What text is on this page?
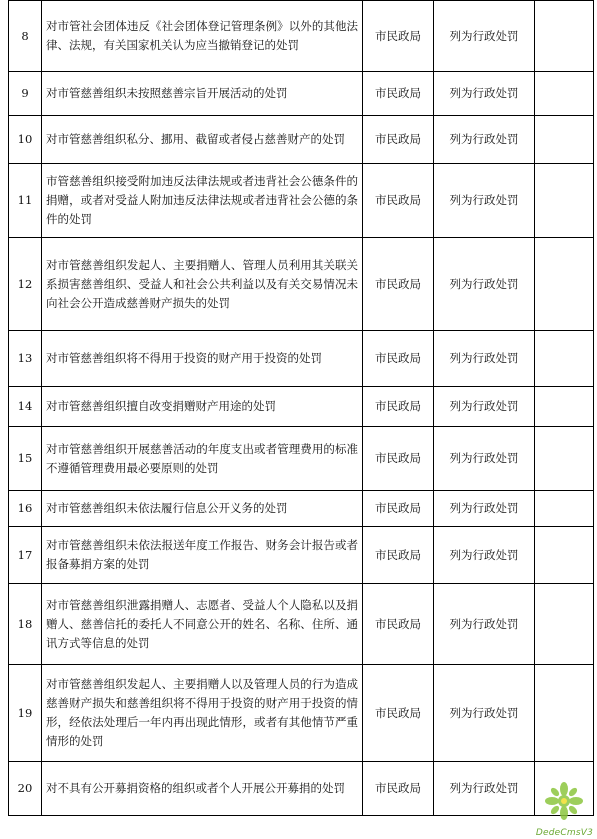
8	对市管社会团体违反《社会团体登记管理条例》以外的其他法律、法规，有关国家机关认为应当撤销登记的处罚	市民政局	列为行政处罚	
9	对市管慈善组织未按照慈善宗旨开展活动的处罚	市民政局	列为行政处罚	
10	对市管慈善组织私分、挪用、截留或者侵占慈善财产的处罚	市民政局	列为行政处罚	
11	市管慈善组织接受附加违反法律法规或者违背社会公德条件的捐赠，或者对受益人附加违反法律法规或者违背社会公德的条件的处罚	市民政局	列为行政处罚	
12	对市管慈善组织发起人、主要捐赠人、管理人员利用其关联关系损害慈善组织、受益人和社会公共利益以及有关交易情况未向社会公开造成慈善财产损失的处罚	市民政局	列为行政处罚	
13	对市管慈善组织将不得用于投资的财产用于投资的处罚	市民政局	列为行政处罚	
14	对市管慈善组织擅自改变捐赠财产用途的处罚	市民政局	列为行政处罚	
15	对市管慈善组织开展慈善活动的年度支出或者管理费用的标准不遵循管理费用最必要原则的处罚	市民政局	列为行政处罚	
16	对市管慈善组织未依法履行信息公开义务的处罚	市民政局	列为行政处罚	
17	对市管慈善组织未依法报送年度工作报告、财务会计报告或者报备募捐方案的处罚	市民政局	列为行政处罚	
18	对市管慈善组织泄露捐赠人、志愿者、受益人个人隐私以及捐赠人、慈善信托的委托人不同意公开的姓名、名称、住所、通讯方式等信息的处罚	市民政局	列为行政处罚	
19	对市管慈善组织发起人、主要捐赠人以及管理人员的行为造成慈善财产损失和慈善组织将不得用于投资的财产用于投资的情形，经依法处理后一年内再出现此情形，或者有其他情节严重情形的处罚	市民政局	列为行政处罚	
20	对不具有公开募捐资格的组织或者个人开展公开募捐的处罚	市民政局	列为行政处罚	
DedeCmsV3
